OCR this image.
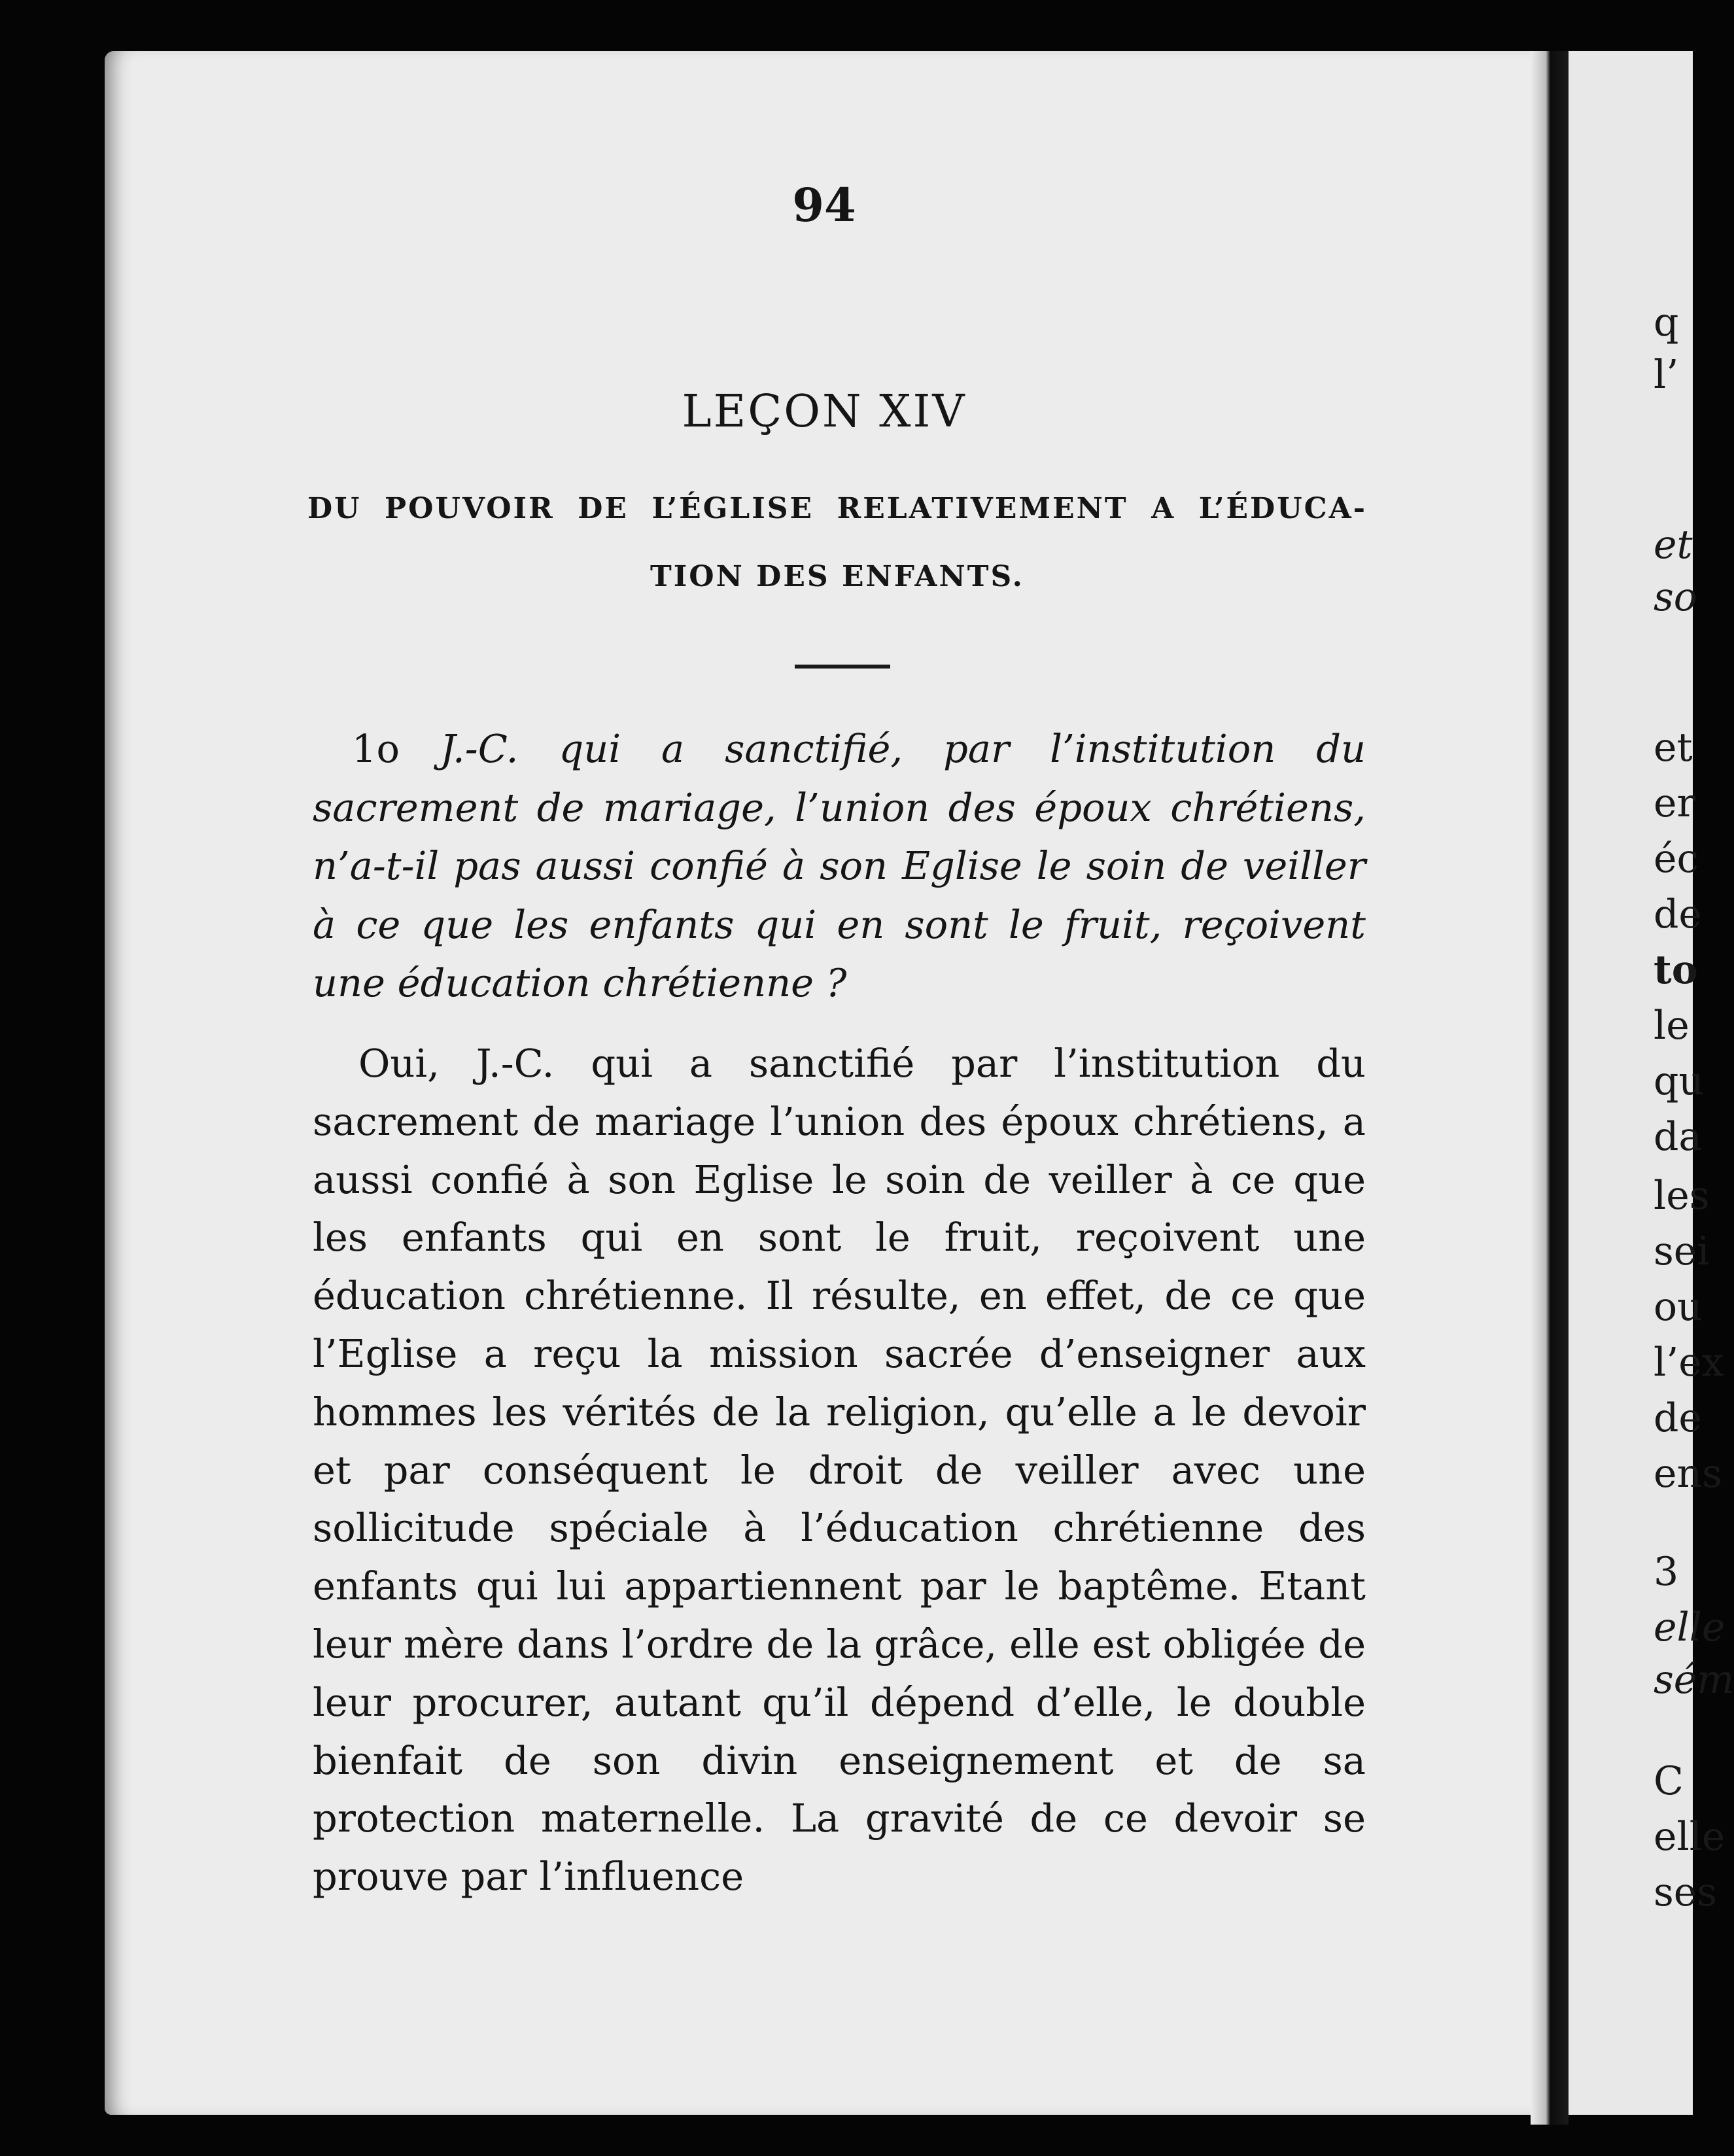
q
l’
et
so
et
er
éc
de
to
le
qu
da
les
sei
ou
l’ex
de
ens
3
elle
sém
C
elle
ses
94
LEÇON XIV
DU POUVOIR DE L’ÉGLISE RELATIVEMENT A L’ÉDUCA-
TION DES ENFANTS.
1o J.-C. qui a sanctifié, par l’institution du sacrement de mariage, l’union des époux chrétiens, n’a-t-il pas aussi confié à son Eglise le soin de veiller à ce que les enfants qui en sont le fruit, reçoivent une éducation chrétienne ?
Oui, J.-C. qui a sanctifié par l’institution du sacrement de mariage l’union des époux chrétiens, a aussi confié à son Eglise le soin de veiller à ce que les enfants qui en sont le fruit, reçoivent une éducation chrétienne. Il résulte, en effet, de ce que l’Eglise a reçu la mission sacrée d’enseigner aux hommes les vérités de la religion, qu’elle a le devoir et par conséquent le droit de veiller avec une sollicitude spéciale à l’éducation chrétienne des enfants qui lui appartiennent par le baptême. Etant leur mère dans l’ordre de la grâce, elle est obligée de leur procurer, autant qu’il dépend d’elle, le double bienfait de son divin enseignement et de sa protection maternelle. La gravité de ce devoir se prouve par l’influence
